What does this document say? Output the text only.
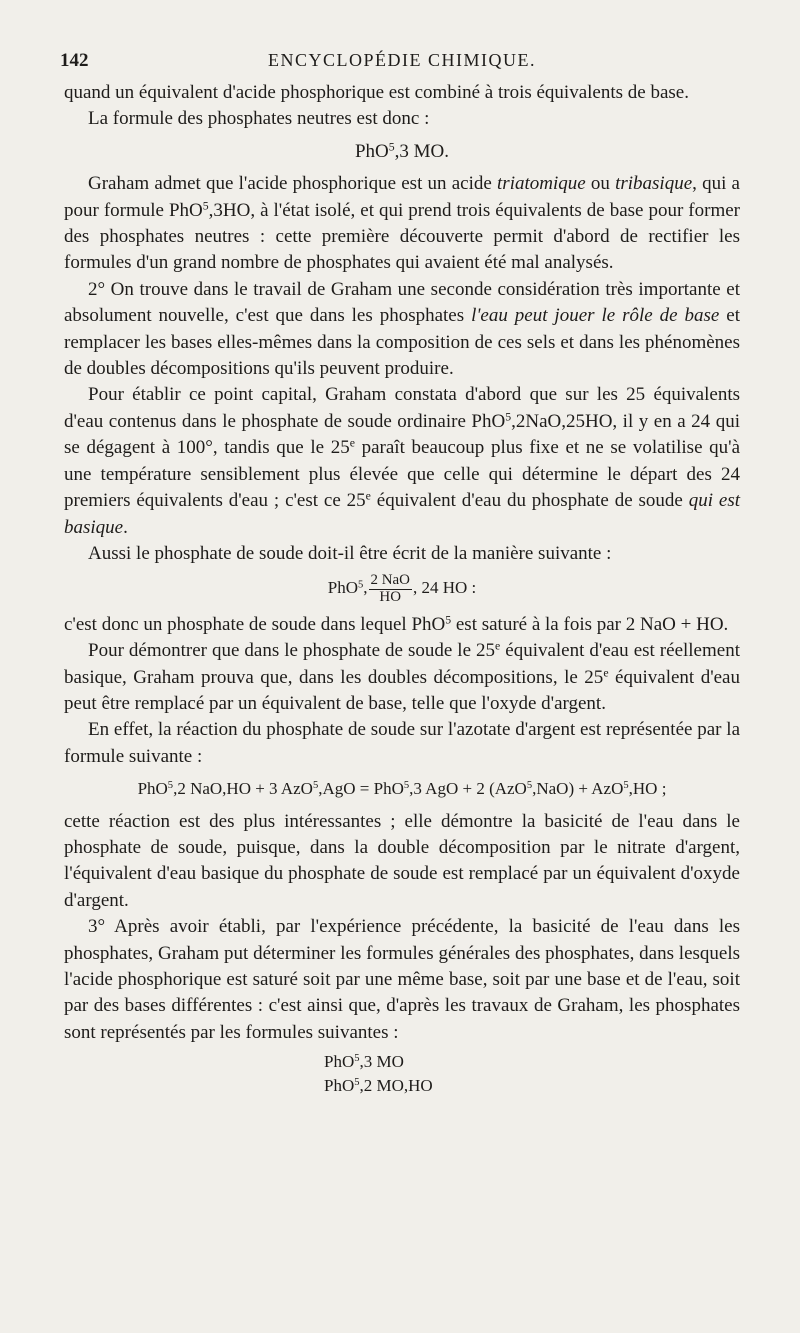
142	ENCYCLOPÉDIE CHIMIQUE.

quand un équivalent d'acide phosphorique est combiné à trois équivalents de base.

La formule des phosphates neutres est donc :

PhO$^5$,3 MO.

Graham admet que l'acide phosphorique est un acide triatomique ou tribasique, qui a pour formule PhO$^5$,3HO, à l'état isolé, et qui prend trois équivalents de base pour former des phosphates neutres : cette première découverte permit d'abord de rectifier les formules d'un grand nombre de phosphates qui avaient été mal analysés.

2° On trouve dans le travail de Graham une seconde considération très importante et absolument nouvelle, c'est que dans les phosphates l'eau peut jouer le rôle de base et remplacer les bases elles-mêmes dans la composition de ces sels et dans les phénomènes de doubles décompositions qu'ils peuvent produire.

Pour établir ce point capital, Graham constata d'abord que sur les 25 équivalents d'eau contenus dans le phosphate de soude ordinaire PhO$^5$,2NaO,25HO, il y en a 24 qui se dégagent à 100°, tandis que le 25e paraît beaucoup plus fixe et ne se volatilise qu'à une température sensiblement plus élevée que celle qui détermine le départ des 24 premiers équivalents d'eau ; c'est ce 25e équivalent d'eau du phosphate de soude qui est basique.

Aussi le phosphate de soude doit-il être écrit de la manière suivante :

PhO$^5$, $\frac{\text{2 NaO}}{HO}$ , 24 HO :

c'est donc un phosphate de soude dans lequel PhO$^5$ est saturé à la fois par 2 NaO + HO.

Pour démontrer que dans le phosphate de soude le 25e équivalent d'eau est réellement basique, Graham prouva que, dans les doubles décompositions, le 25e équivalent d'eau peut être remplacé par un équivalent de base, telle que l'oxyde d'argent.

En effet, la réaction du phosphate de soude sur l'azotate d'argent est représentée par la formule suivante :

PhO$^5$,2 NaO,HO + 3 AzO$^5$,AgO = PhO$^5$,3 AgO + 2 (AzO$^5$,NaO) + AzO$^5$,HO ;

cette réaction est des plus intéressantes ; elle démontre la basicité de l'eau dans le phosphate de soude, puisque, dans la double décomposition par le nitrate d'argent, l'équivalent d'eau basique du phosphate de soude est remplacé par un équivalent d'oxyde d'argent.

3° Après avoir établi, par l'expérience précédente, la basicité de l'eau dans les phosphates, Graham put déterminer les formules générales des phosphates, dans lesquels l'acide phosphorique est saturé soit par une même base, soit par une base et de l'eau, soit par des bases différentes : c'est ainsi que, d'après les travaux de Graham, les phosphates sont représentés par les formules suivantes :

PhO$^5$,3 MO
PhO$^5$,2 MO,HO
